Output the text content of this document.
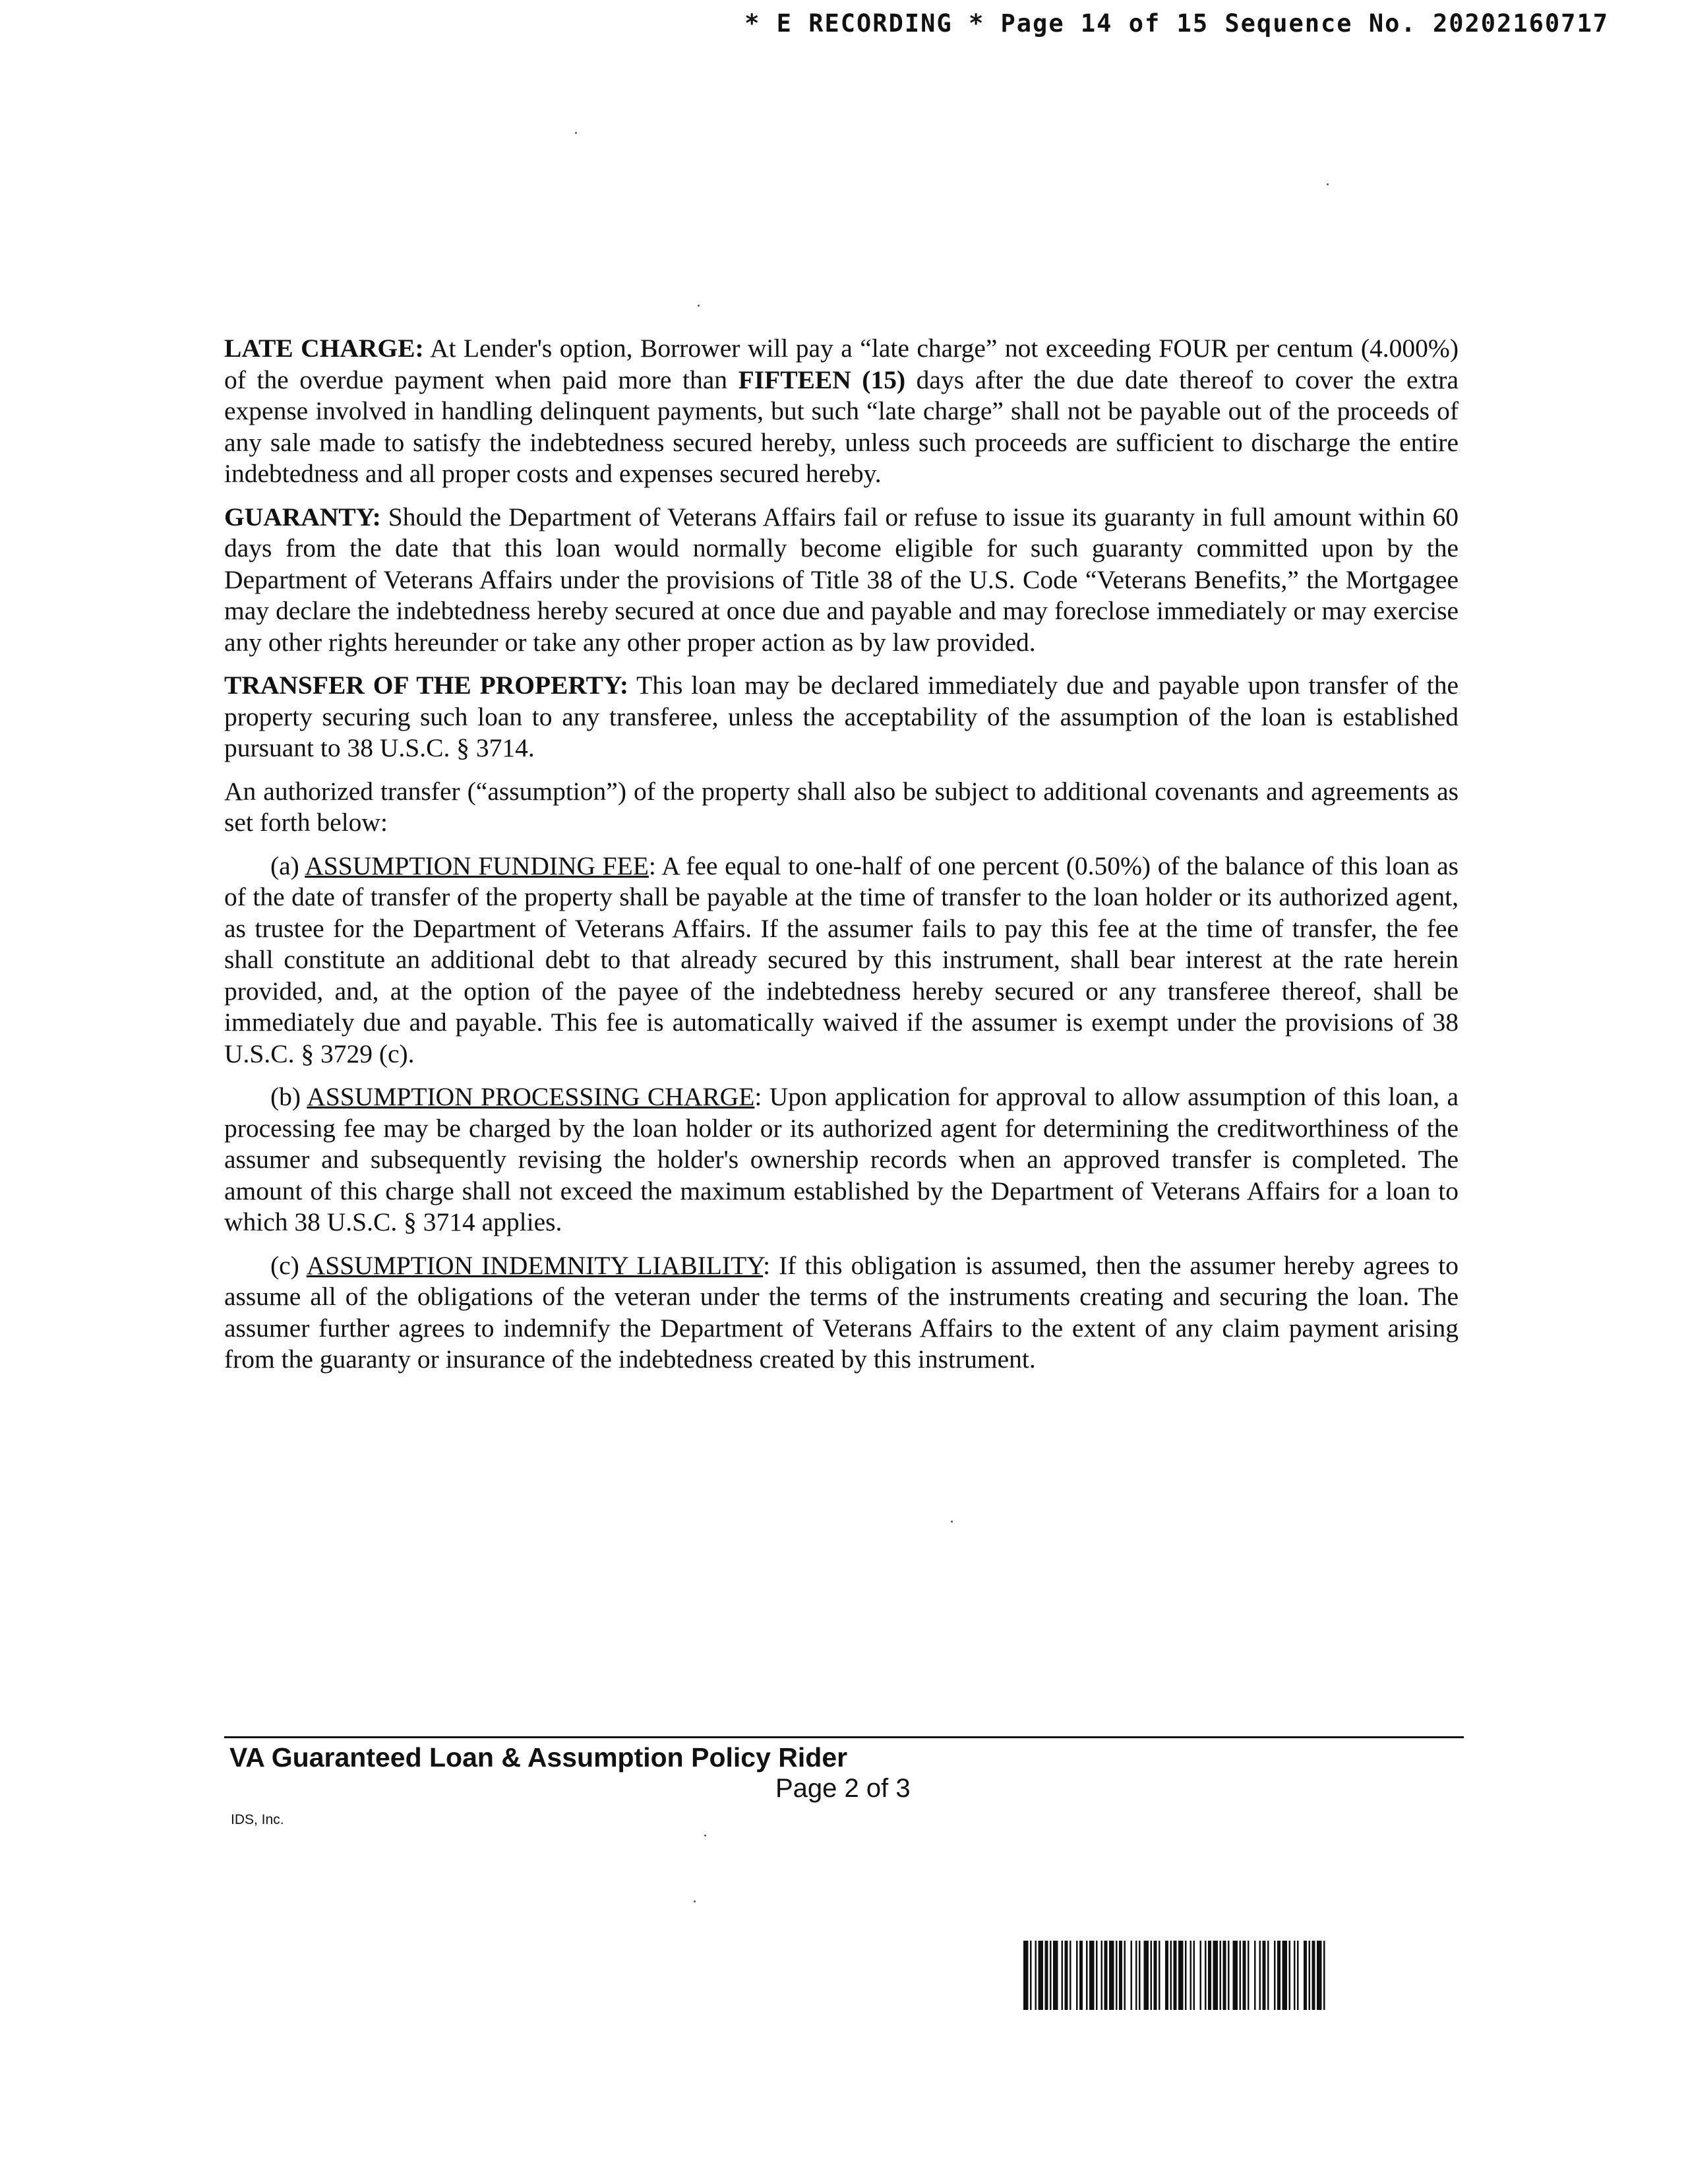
* E RECORDING * Page 14 of 15 Sequence No. 20202160717

LATE CHARGE: At Lender's option, Borrower will pay a “late charge” not exceeding FOUR per centum (4.000%) of the overdue payment when paid more than FIFTEEN (15) days after the due date thereof to cover the extra expense involved in handling delinquent payments, but such “late charge” shall not be payable out of the proceeds of any sale made to satisfy the indebtedness secured hereby, unless such proceeds are sufficient to discharge the entire indebtedness and all proper costs and expenses secured hereby.

GUARANTY: Should the Department of Veterans Affairs fail or refuse to issue its guaranty in full amount within 60 days from the date that this loan would normally become eligible for such guaranty committed upon by the Department of Veterans Affairs under the provisions of Title 38 of the U.S. Code “Veterans Benefits,” the Mortgagee may declare the indebtedness hereby secured at once due and payable and may foreclose immediately or may exercise any other rights hereunder or take any other proper action as by law provided.

TRANSFER OF THE PROPERTY: This loan may be declared immediately due and payable upon transfer of the property securing such loan to any transferee, unless the acceptability of the assumption of the loan is established pursuant to 38 U.S.C. § 3714.

An authorized transfer (“assumption”) of the property shall also be subject to additional covenants and agreements as set forth below:

(a) ASSUMPTION FUNDING FEE: A fee equal to one-half of one percent (0.50%) of the balance of this loan as of the date of transfer of the property shall be payable at the time of transfer to the loan holder or its authorized agent, as trustee for the Department of Veterans Affairs. If the assumer fails to pay this fee at the time of transfer, the fee shall constitute an additional debt to that already secured by this instrument, shall bear interest at the rate herein provided, and, at the option of the payee of the indebtedness hereby secured or any transferee thereof, shall be immediately due and payable. This fee is automatically waived if the assumer is exempt under the provisions of 38 U.S.C. § 3729 (c).

(b) ASSUMPTION PROCESSING CHARGE: Upon application for approval to allow assumption of this loan, a processing fee may be charged by the loan holder or its authorized agent for determining the creditworthiness of the assumer and subsequently revising the holder's ownership records when an approved transfer is completed. The amount of this charge shall not exceed the maximum established by the Department of Veterans Affairs for a loan to which 38 U.S.C. § 3714 applies.

(c) ASSUMPTION INDEMNITY LIABILITY: If this obligation is assumed, then the assumer hereby agrees to assume all of the obligations of the veteran under the terms of the instruments creating and securing the loan. The assumer further agrees to indemnify the Department of Veterans Affairs to the extent of any claim payment arising from the guaranty or insurance of the indebtedness created by this instrument.

VA Guaranteed Loan & Assumption Policy Rider
Page 2 of 3
IDS, Inc.
